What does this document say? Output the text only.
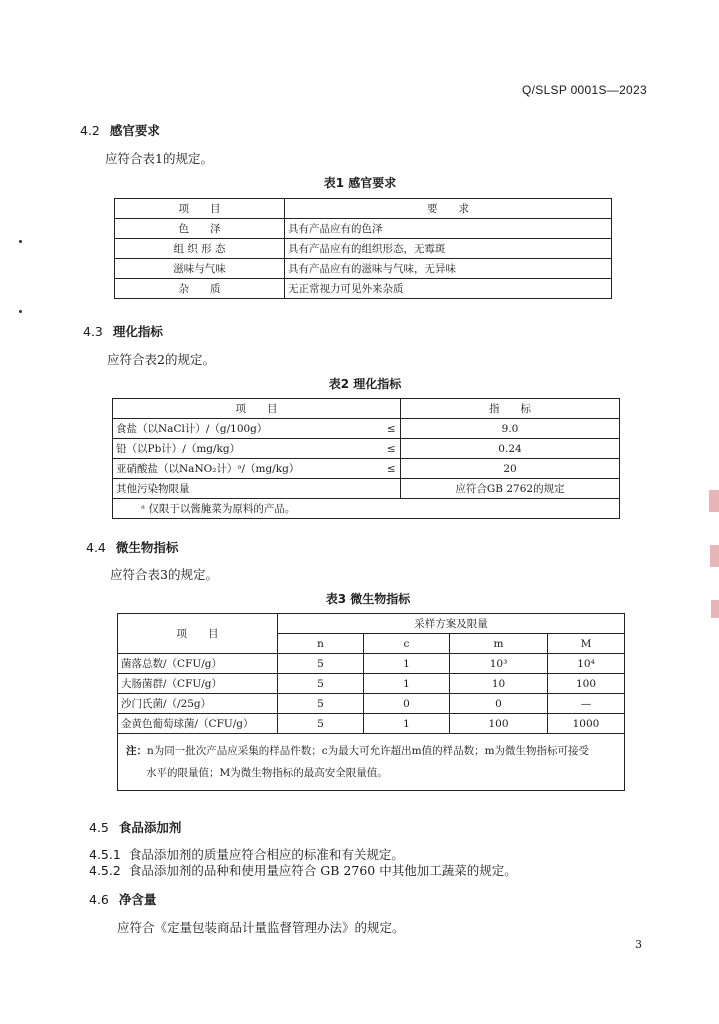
Q/SLSP 0001S—2023
4.2 感官要求
应符合表1的规定。
表1 感官要求
项　　目	要　　求
色　　泽	具有产品应有的色泽
组 织 形 态	具有产品应有的组织形态，无霉斑
滋味与气味	具有产品应有的滋味与气味，无异味
杂　　质	无正常视力可见外来杂质
4.3 理化指标
应符合表2的规定。
表2 理化指标
项　　目		指　　标
食盐（以NaCl计）/（g/100g）	≤	9.0
铅（以Pb计）/（mg/kg）	≤	0.24
亚硝酸盐（以NaNO₂计）ᵃ/（mg/kg）	≤	20
其他污染物限量		应符合GB 2762的规定
ᵃ 仅限于以酱腌菜为原料的产品。		
4.4 微生物指标
应符合表3的规定。
表3 微生物指标
项　　目	采样方案及限量			
	n	c	m	M
菌落总数/（CFU/g）	5	1	10³	10⁴
大肠菌群/（CFU/g）	5	1	10	100
沙门氏菌/（/25g）	5	0	0	—
金黄色葡萄球菌/（CFU/g）	5	1	100	1000
注：n为同一批次产品应采集的样品件数；c为最大可允许超出m值的样品数；m为微生物指标可接受
水平的限量值；M为微生物指标的最高安全限量值。				
4.5 食品添加剂
4.5.1 食品添加剂的质量应符合相应的标准和有关规定。
4.5.2 食品添加剂的品种和使用量应符合 GB 2760 中其他加工蔬菜的规定。
4.6 净含量
应符合《定量包装商品计量监督管理办法》的规定。
3
